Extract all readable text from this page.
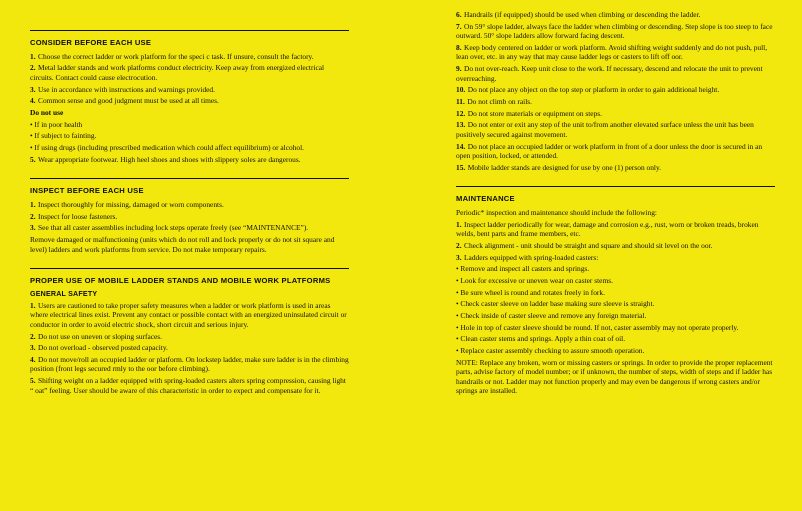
CONSIDER BEFORE EACH USE

1. Choose the correct ladder or work platform for the speci c task. If unsure, consult the factory.

2. Metal ladder stands and work platforms conduct electricity. Keep away from energized electrical circuits. Contact could cause electrocution.

3. Use in accordance with instructions and warnings provided.

4. Common sense and good judgment must be used at all times.

Do not use

• If in poor health

• If subject to fainting.

• If using drugs (including prescribed medication which could affect equilibrium) or alcohol.

5. Wear appropriate footwear. High heel shoes and shoes with slippery soles are dangerous.

INSPECT BEFORE EACH USE

1. Inspect thoroughly for missing, damaged or worn components.

2. Inspect for loose fasteners.

3. See that all caster assemblies including lock steps operate freely (see “MAINTENANCE”).

Remove damaged or malfunctioning (units which do not roll and lock properly or do not sit square and level) ladders and work platforms from service. Do not make temporary repairs.

PROPER USE OF MOBILE LADDER STANDS AND MOBILE WORK PLATFORMS
GENERAL SAFETY

1. Users are cautioned to take proper safety measures when a ladder or work platform is used in areas where electrical lines exist. Prevent any contact or possible contact with an energized uninsulated circuit or conductor in order to avoid electric shock, short circuit and serious injury.

2. Do not use on uneven or sloping surfaces.

3. Do not overload - observed posted capacity.

4. Do not move/roll an occupied ladder or platform. On lockstep ladder, make sure ladder is in the climbing position (front legs secured rmly to the oor before climbing).

5. Shifting weight on a ladder equipped with spring-loaded casters alters spring compression, causing light “ oat” feeling. User should be aware of this characteristic in order to expect and compensate for it.

6. Handrails (if equipped) should be used when climbing or descending the ladder.

7. On 59° slope ladder, always face the ladder when climbing or descending. Step slope is too steep to face outward. 50° slope ladders allow forward facing descent.

8. Keep body centered on ladder or work platform. Avoid shifting weight suddenly and do not push, pull, lean over, etc. in any way that may cause ladder legs or casters to lift off oor.

9. Do not over-reach. Keep unit close to the work. If necessary, descend and relocate the unit to prevent overreaching.

10. Do not place any object on the top step or platform in order to gain additional height.

11. Do not climb on rails.

12. Do not store materials or equipment on steps.

13. Do not enter or exit any step of the unit to/from another elevated surface unless the unit has been positively secured against movement.

14. Do not place an occupied ladder or work platform in front of a door unless the door is secured in an open position, locked, or attended.

15. Mobile ladder stands are designed for use by one (1) person only.

MAINTENANCE

Periodic* inspection and maintenance should include the following:

1. Inspect ladder periodically for wear, damage and corrosion e.g., rust, worn or broken treads, broken welds, bent parts and frame members, etc.

2. Check alignment - unit should be straight and square and should sit level on the oor.

3. Ladders equipped with spring-loaded casters:

• Remove and inspect all casters and springs.

• Look for excessive or uneven wear on caster stems.

• Be sure wheel is round and rotates freely in fork.

• Check caster sleeve on ladder base making sure sleeve is straight.

• Check inside of caster sleeve and remove any foreign material.

• Hole in top of caster sleeve should be round. If not, caster assembly may not operate properly.

• Clean caster stems and springs. Apply a thin coat of oil.

• Replace caster assembly checking to assure smooth operation.

NOTE: Replace any broken, worn or missing casters or springs. In order to provide the proper replacement parts, advise factory of model number; or if unknown, the number of steps, width of steps and if ladder has handrails or not. Ladder may not function properly and may even be dangerous if wrong casters and/or springs are installed.
